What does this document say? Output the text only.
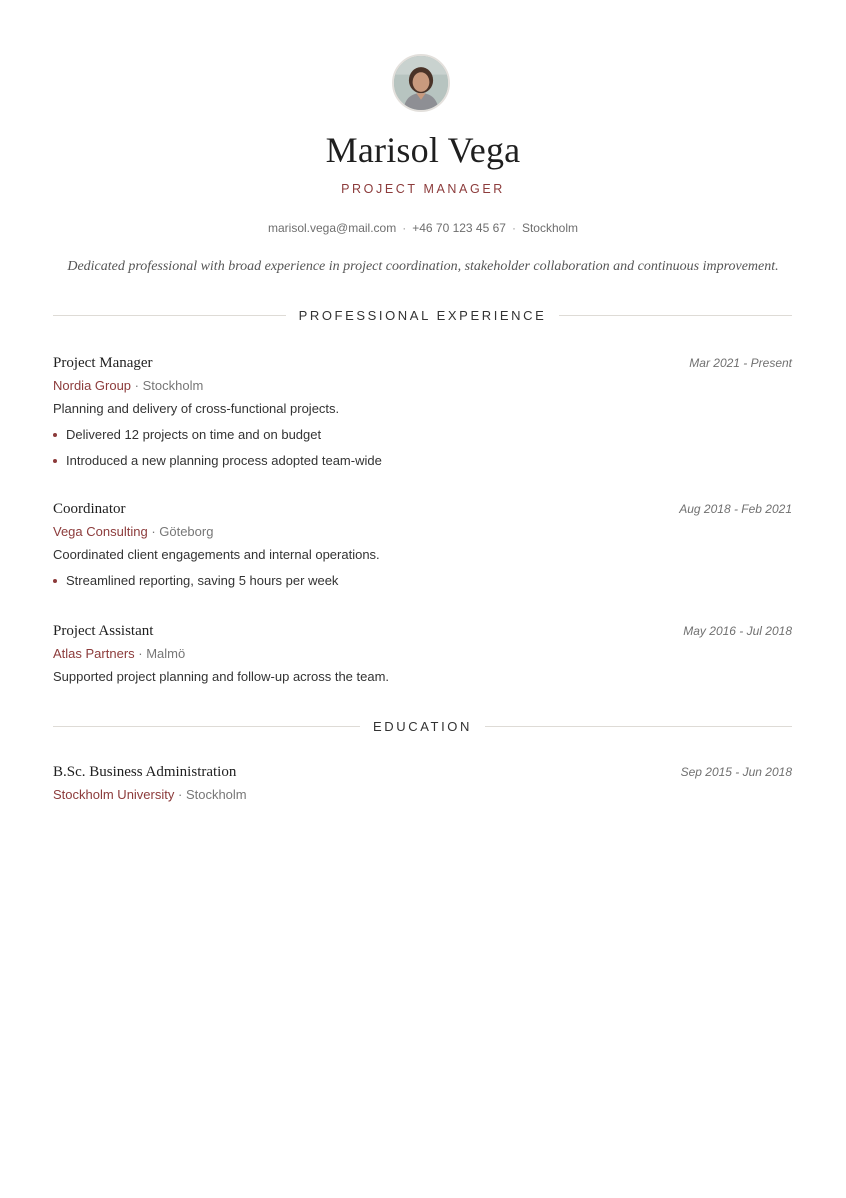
Marisol Vega
PROJECT MANAGER
marisol.vega@mail.com · +46 70 123 45 67 · Stockholm
Dedicated professional with broad experience in project coordination, stakeholder collaboration and continuous improvement.
PROFESSIONAL EXPERIENCE
Project Manager	Mar 2021 - Present
Nordia Group · Stockholm
Planning and delivery of cross-functional projects.
Delivered 12 projects on time and on budget
Introduced a new planning process adopted team-wide
Coordinator	Aug 2018 - Feb 2021
Vega Consulting · Göteborg
Coordinated client engagements and internal operations.
Streamlined reporting, saving 5 hours per week
Project Assistant	May 2016 - Jul 2018
Atlas Partners · Malmö
Supported project planning and follow-up across the team.
EDUCATION
B.Sc. Business Administration	Sep 2015 - Jun 2018
Stockholm University · Stockholm
